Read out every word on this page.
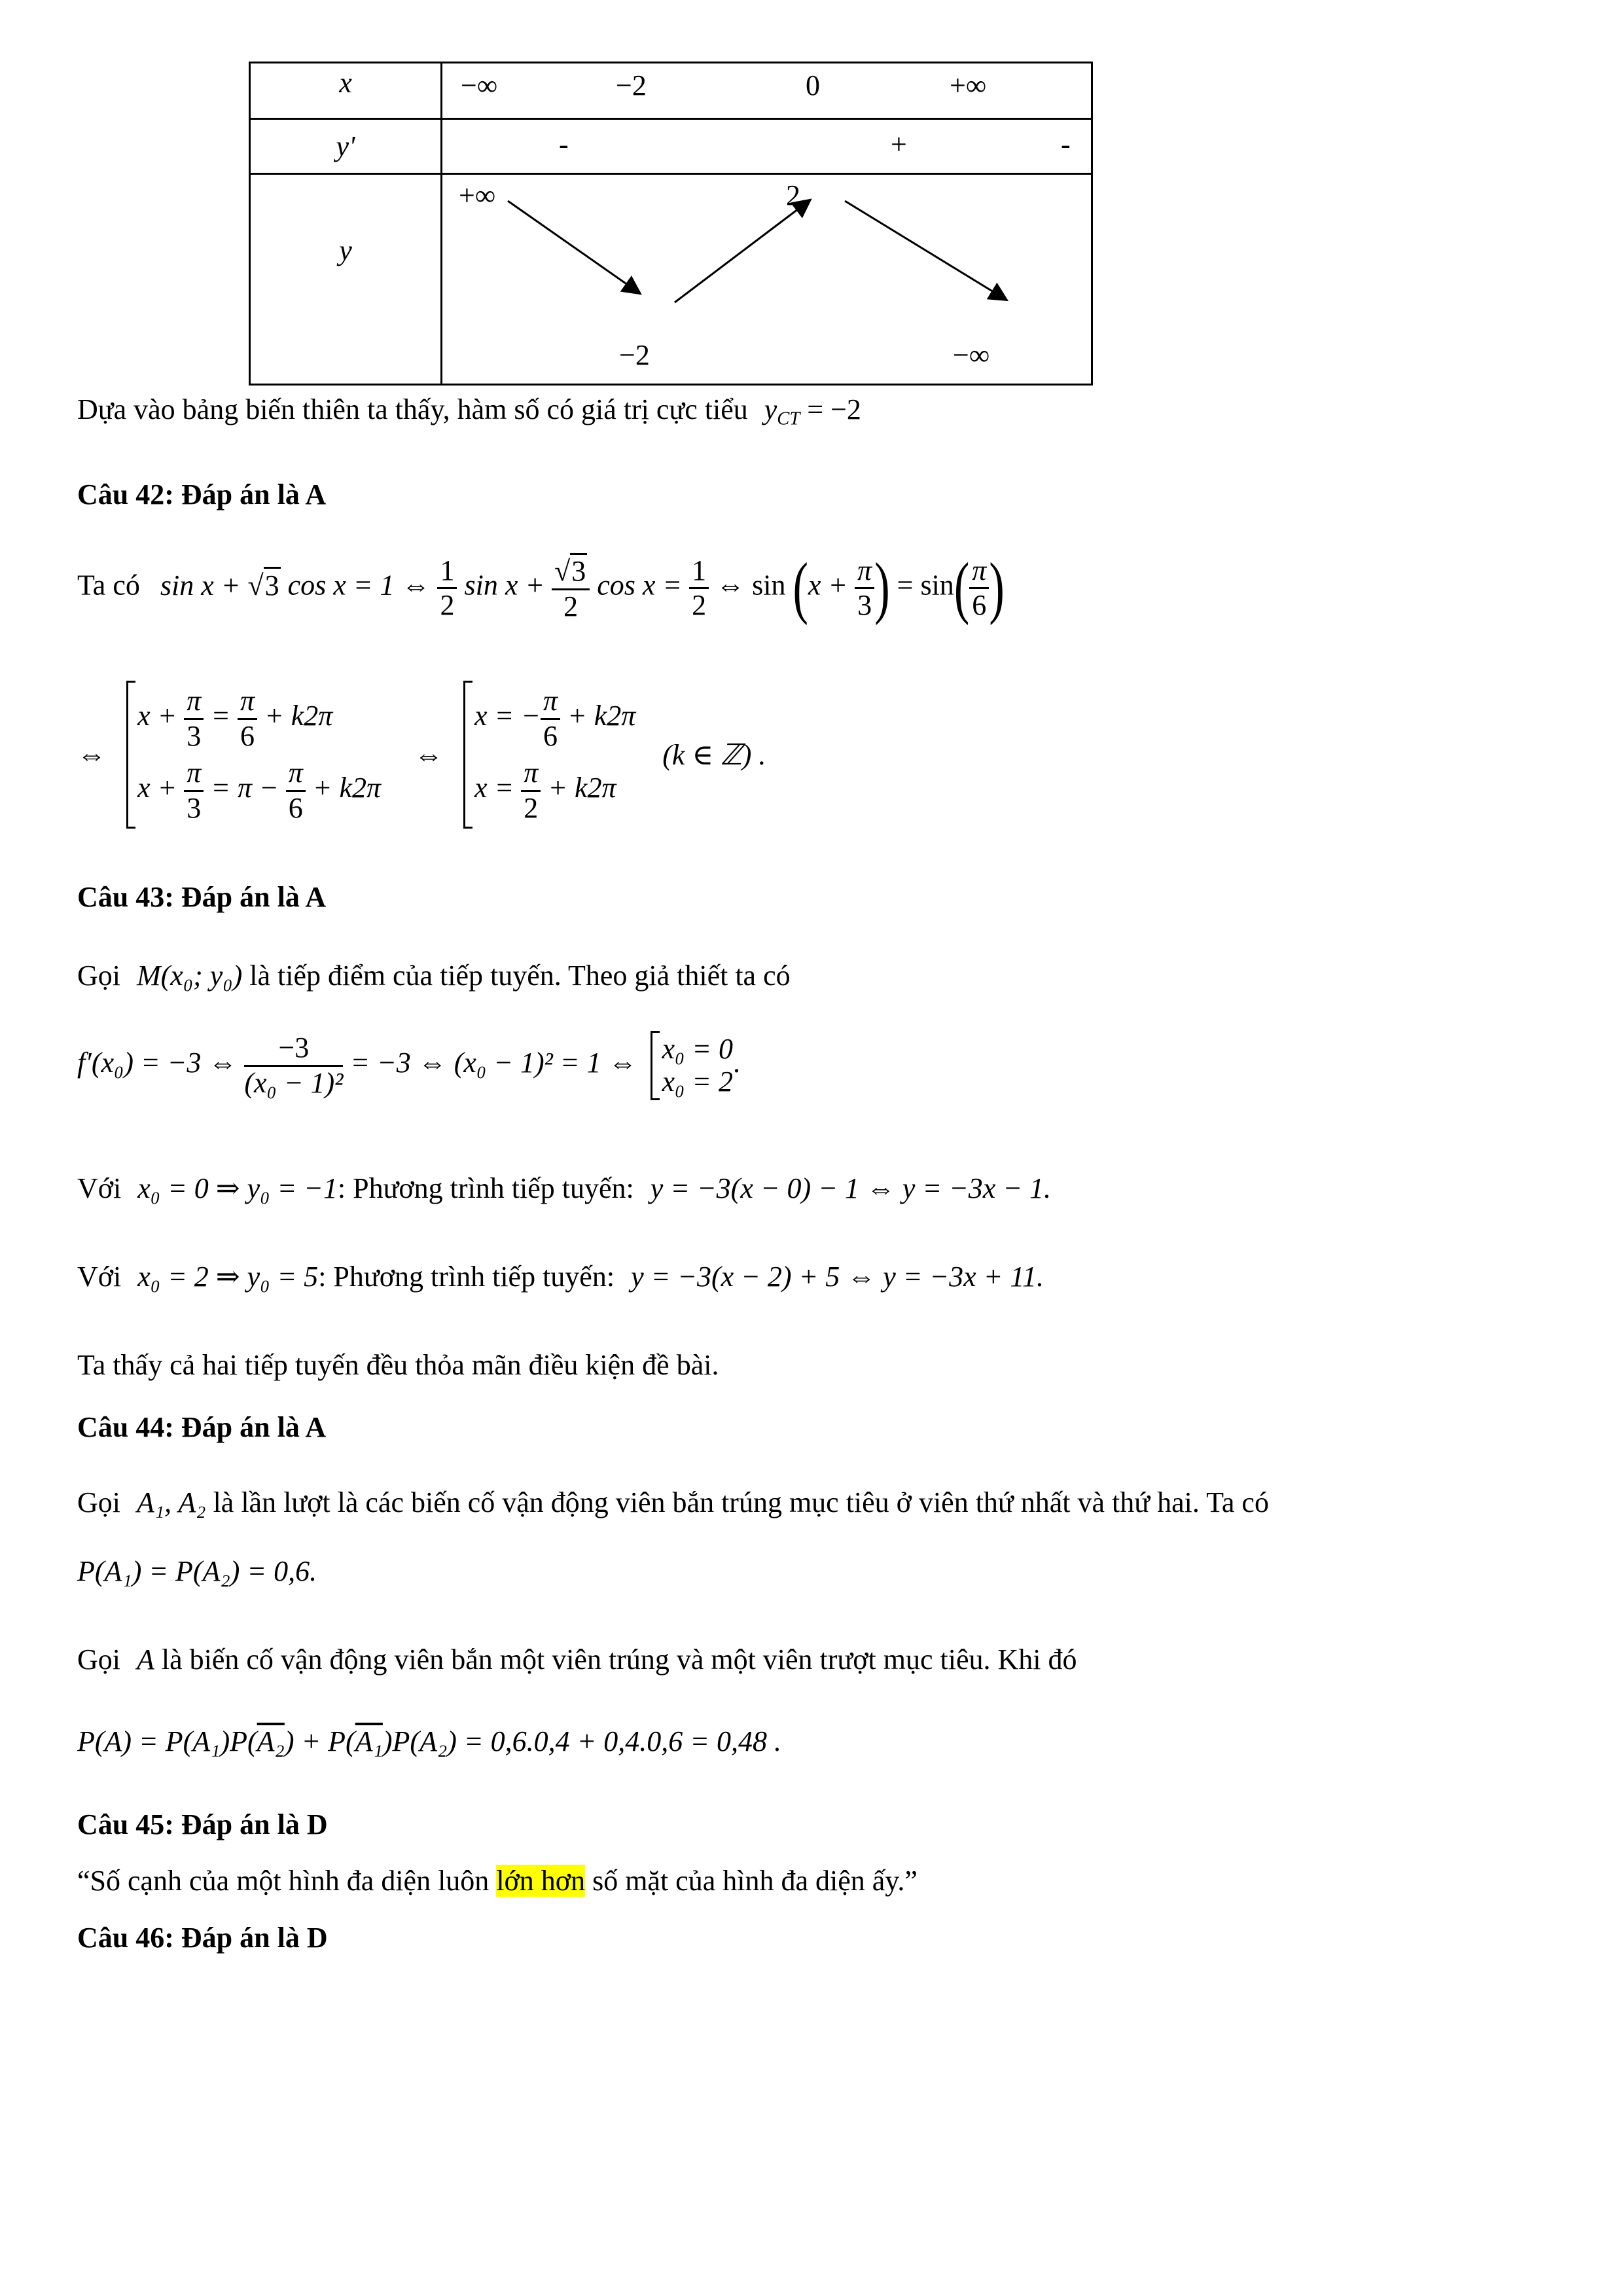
x	−∞ −2 0 +∞

y'	- + -

y	+∞ 2
−2 −∞
Dựa vào bảng biến thiên ta thấy, hàm số có giá trị cực tiểu $y_{CT} = -2$
Câu 42: Đáp án là A
Ta có sin x + √3 cos x = 1 ⇔ $\frac{1}{2}$ $\sin x + \frac{√3}{2}$ $\cos x = \frac{1}{2}$ ⇔ $\sin (x + \frac{\pi}{3}$ ) = $\sin( \frac{\pi}{6}$ )
⇔
$x + \frac{\pi}{3} = \frac{\pi}{6} + k2\pi$
$x + \frac{\pi}{3} = \pi - \frac{\pi}{6} + k2\pi$
⇔
x = − $\frac{\pi}{6} + k2\pi$
$x = \frac{\pi}{2} + k2\pi$
(k ∈ ℤ) .
Câu 43: Đáp án là A
Gọi M(x₀; y₀) là tiếp điểm của tiếp tuyến. Theo giả thiết ta có
f′(x₀) = −3 ⇔ $\frac{-3}{\text{(x₀ − 1)²}} = -3$ ⇔ (x₀ − 1)² = 1 ⇔ x₀ = 0
x₀ = 2
.
Với x₀ = 0 ⇒ y₀ = −1: Phương trình tiếp tuyến: y = −3(x − 0) − 1 ⇔ y = −3x − 1.
Với x₀ = 2 ⇒ y₀ = 5: Phương trình tiếp tuyến: y = −3(x − 2) + 5 ⇔ y = −3x + 11.
Ta thấy cả hai tiếp tuyến đều thỏa mãn điều kiện đề bài.
Câu 44: Đáp án là A
Gọi A₁, A₂ là lần lượt là các biến cố vận động viên bắn trúng mục tiêu ở viên thứ nhất và thứ hai. Ta có
P(A₁) = P(A₂) = 0,6.
Gọi A là biến cố vận động viên bắn một viên trúng và một viên trượt mục tiêu. Khi đó
P(A) = P(A₁)P(A₂) + P(A₁)P(A₂) = 0,6.0,4 + 0,4.0,6 = 0,48 .
Câu 45: Đáp án là D
“Số cạnh của một hình đa diện luôn lớn hơn số mặt của hình đa diện ấy.”
Câu 46: Đáp án là D
